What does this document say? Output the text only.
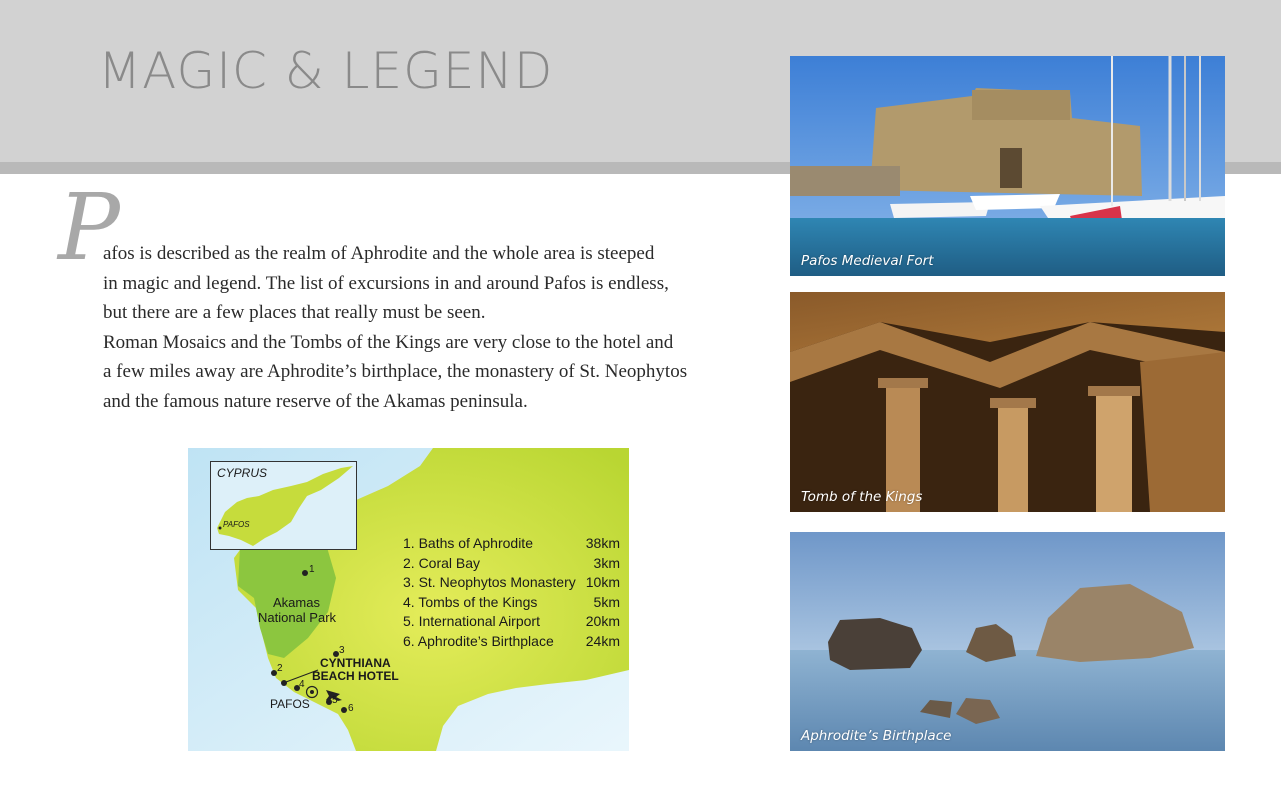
MAGIC & LEGEND
P

afos is described as the realm of Aphrodite and the whole area is steeped

in magic and legend. The list of excursions in and around Pafos is endless,

but there are a few places that really must be seen.

Roman Mosaics and the Tombs of the Kings are very close to the hotel and

a few miles away are Aphrodite’s birthplace, the monastery of St. Neophytos

and the famous nature reserve of the Akamas peninsula.

CYPRUS
PAFOS
Akamas
National Park
1
2
3
4
5
6
CYNTHIANA
BEACH HOTEL
PAFOS
1. Baths of Aphrodite	38km
2. Coral Bay	3km
3. St. Neophytos Monastery 10km
4. Tombs of the Kings	5km
5. International Airport	20km
6. Aphrodite’s Birthplace 24km
Pafos Medieval Fort
Tomb of the Kings
Aphrodite’s Birthplace
